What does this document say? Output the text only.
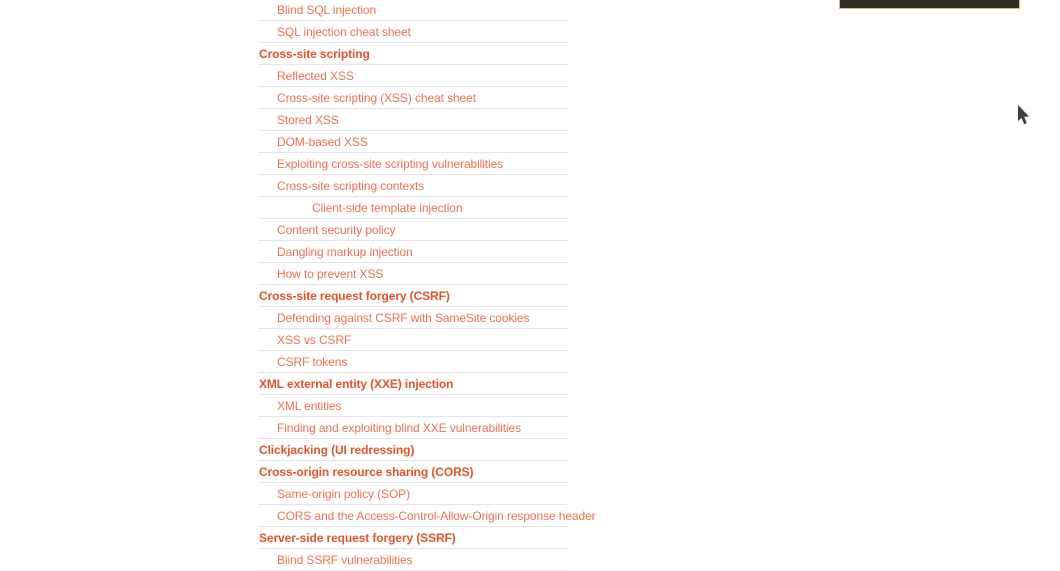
Blind SQL injection
SQL injection cheat sheet
Cross-site scripting
Reflected XSS
Cross-site scripting (XSS) cheat sheet
Stored XSS
DOM-based XSS
Exploiting cross-site scripting vulnerabilities
Cross-site scripting contexts
Client-side template injection
Content security policy
Dangling markup injection
How to prevent XSS
Cross-site request forgery (CSRF)
Defending against CSRF with SameSite cookies
XSS vs CSRF
CSRF tokens
XML external entity (XXE) injection
XML entities
Finding and exploiting blind XXE vulnerabilities
Clickjacking (UI redressing)
Cross-origin resource sharing (CORS)
Same-origin policy (SOP)
CORS and the Access-Control-Allow-Origin response header
Server-side request forgery (SSRF)
Blind SSRF vulnerabilities
